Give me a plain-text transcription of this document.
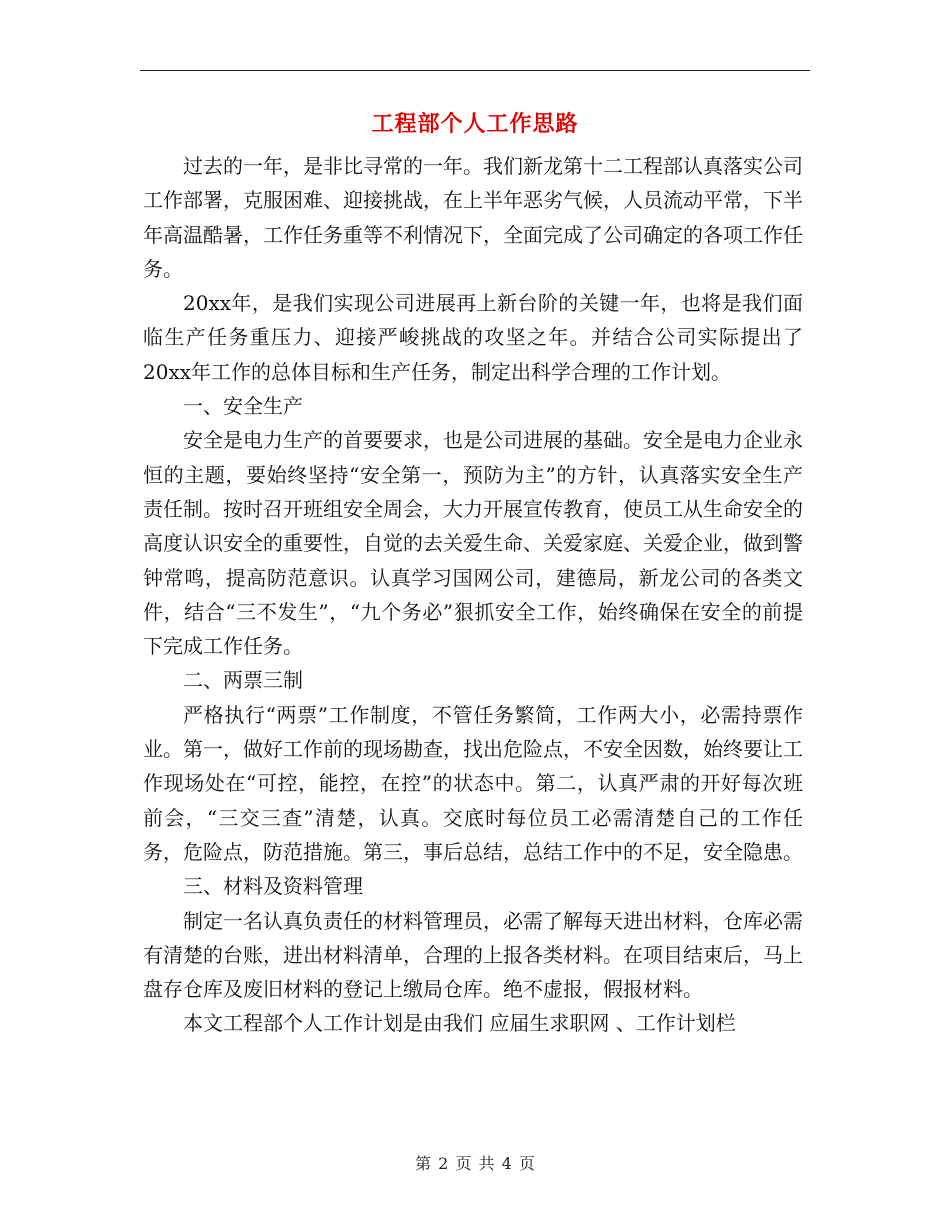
工程部个人工作思路

过去的一年，是非比寻常的一年。我们新龙第十二工程部认真落实公司工作部署，克服困难、迎接挑战，在上半年恶劣气候，人员流动平常，下半年高温酷暑，工作任务重等不利情况下，全面完成了公司确定的各项工作任务。

20xx年，是我们实现公司进展再上新台阶的关键一年，也将是我们面临生产任务重压力、迎接严峻挑战的攻坚之年。并结合公司实际提出了20xx年工作的总体目标和生产任务，制定出科学合理的工作计划。

一、安全生产

安全是电力生产的首要要求，也是公司进展的基础。安全是电力企业永恒的主题，要始终坚持“安全第一，预防为主”的方针，认真落实安全生产责任制。按时召开班组安全周会，大力开展宣传教育，使员工从生命安全的高度认识安全的重要性，自觉的去关爱生命、关爱家庭、关爱企业，做到警钟常鸣，提高防范意识。认真学习国网公司，建德局，新龙公司的各类文件，结合“三不发生”，“九个务必”狠抓安全工作，始终确保在安全的前提下完成工作任务。

二、两票三制

严格执行“两票”工作制度，不管任务繁简，工作两大小，必需持票作业。第一，做好工作前的现场勘查，找出危险点，不安全因数，始终要让工作现场处在“可控，能控，在控”的状态中。第二，认真严肃的开好每次班前会，“三交三查”清楚，认真。交底时每位员工必需清楚自己的工作任务，危险点，防范措施。第三，事后总结，总结工作中的不足，安全隐患。

三、材料及资料管理

制定一名认真负责任的材料管理员，必需了解每天进出材料，仓库必需有清楚的台账，进出材料清单，合理的上报各类材料。在项目结束后，马上盘存仓库及废旧材料的登记上缴局仓库。绝不虚报，假报材料。

本文工程部个人工作计划是由我们 应届生求职网 、工作计划栏

第 2 页 共 4 页
